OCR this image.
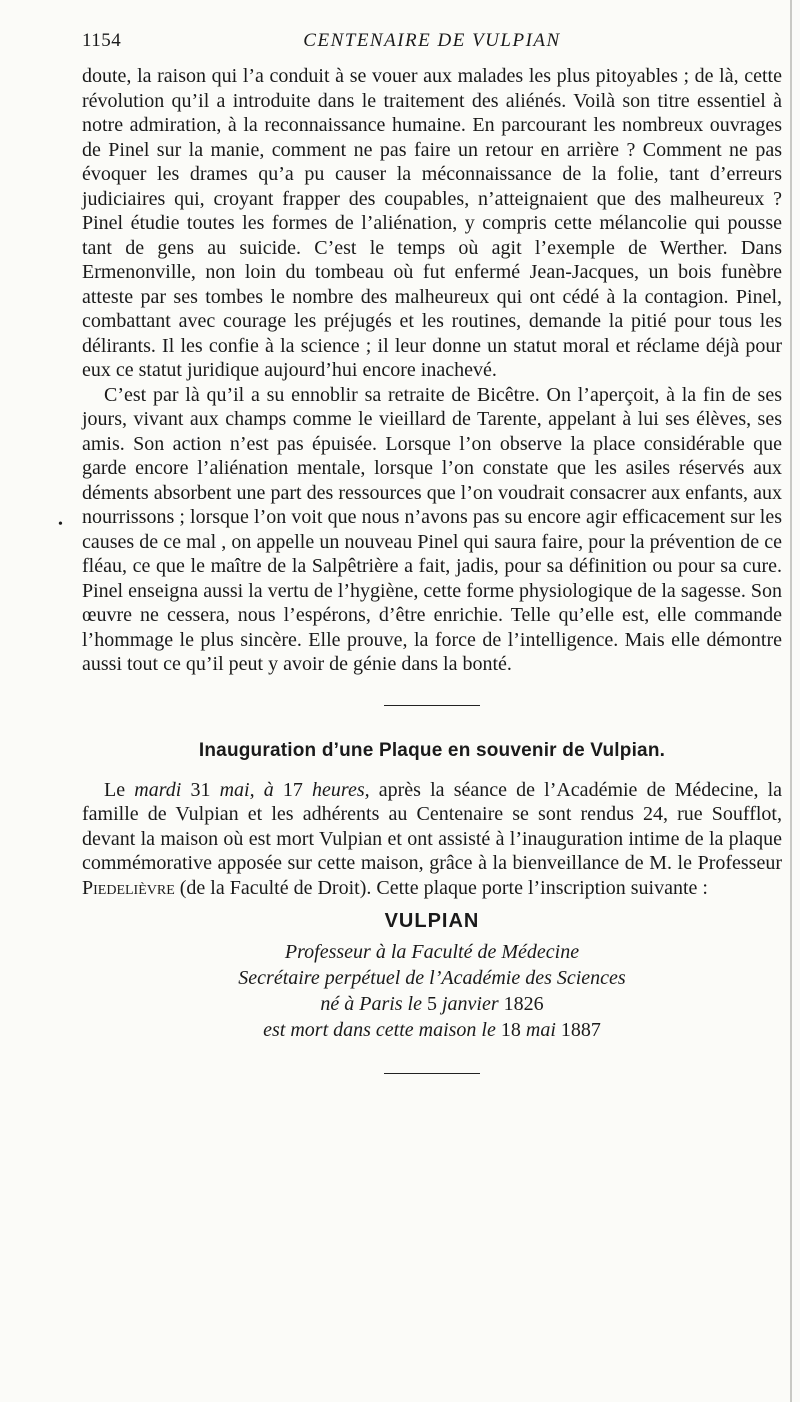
•
1154	CENTENAIRE DE VULPIAN

doute, la raison qui l’a conduit à se vouer aux malades les plus pitoyables ; de là, cette révolution qu’il a introduite dans le traitement des aliénés. Voilà son titre essentiel à notre admiration, à la reconnaissance humaine. En parcourant les nombreux ouvrages de Pinel sur la manie, comment ne pas faire un retour en arrière ? Comment ne pas évoquer les drames qu’a pu causer la méconnaissance de la folie, tant d’erreurs judiciaires qui, croyant frapper des coupables, n’atteignaient que des malheureux ? Pinel étudie toutes les formes de l’aliénation, y compris cette mélancolie qui pousse tant de gens au suicide. C’est le temps où agit l’exemple de Werther. Dans Ermenonville, non loin du tombeau où fut enfermé Jean-Jacques, un bois funèbre atteste par ses tombes le nombre des malheureux qui ont cédé à la contagion. Pinel, combattant avec courage les préjugés et les routines, demande la pitié pour tous les délirants. Il les confie à la science ; il leur donne un statut moral et réclame déjà pour eux ce statut juridique aujourd’hui encore inachevé.

C’est par là qu’il a su ennoblir sa retraite de Bicêtre. On l’aperçoit, à la fin de ses jours, vivant aux champs comme le vieillard de Tarente, appelant à lui ses élèves, ses amis. Son action n’est pas épuisée. Lorsque l’on observe la place considérable que garde encore l’aliénation mentale, lorsque l’on constate que les asiles réservés aux déments absorbent une part des ressources que l’on voudrait consacrer aux enfants, aux nourrissons ; lorsque l’on voit que nous n’avons pas su encore agir efficacement sur les causes de ce mal , on appelle un nouveau Pinel qui saura faire, pour la prévention de ce fléau, ce que le maître de la Salpêtrière a fait, jadis, pour sa définition ou pour sa cure. Pinel enseigna aussi la vertu de l’hygiène, cette forme physiologique de la sagesse. Son œuvre ne cessera, nous l’espérons, d’être enrichie. Telle qu’elle est, elle commande l’hommage le plus sincère. Elle prouve, la force de l’intelligence. Mais elle démontre aussi tout ce qu’il peut y avoir de génie dans la bonté.

Inauguration d’une Plaque en souvenir de Vulpian.

Le mardi 31 mai, à 17 heures, après la séance de l’Académie de Médecine, la famille de Vulpian et les adhérents au Centenaire se sont rendus 24, rue Soufflot, devant la maison où est mort Vulpian et ont assisté à l’inauguration intime de la plaque commémorative apposée sur cette maison, grâce à la bienveillance de M. le Professeur Piedelièvre (de la Faculté de Droit). Cette plaque porte l’inscription suivante :

VULPIAN
Professeur à la Faculté de Médecine
Secrétaire perpétuel de l’Académie des Sciences
né à Paris le 5 janvier 1826
est mort dans cette maison le 18 mai 1887
